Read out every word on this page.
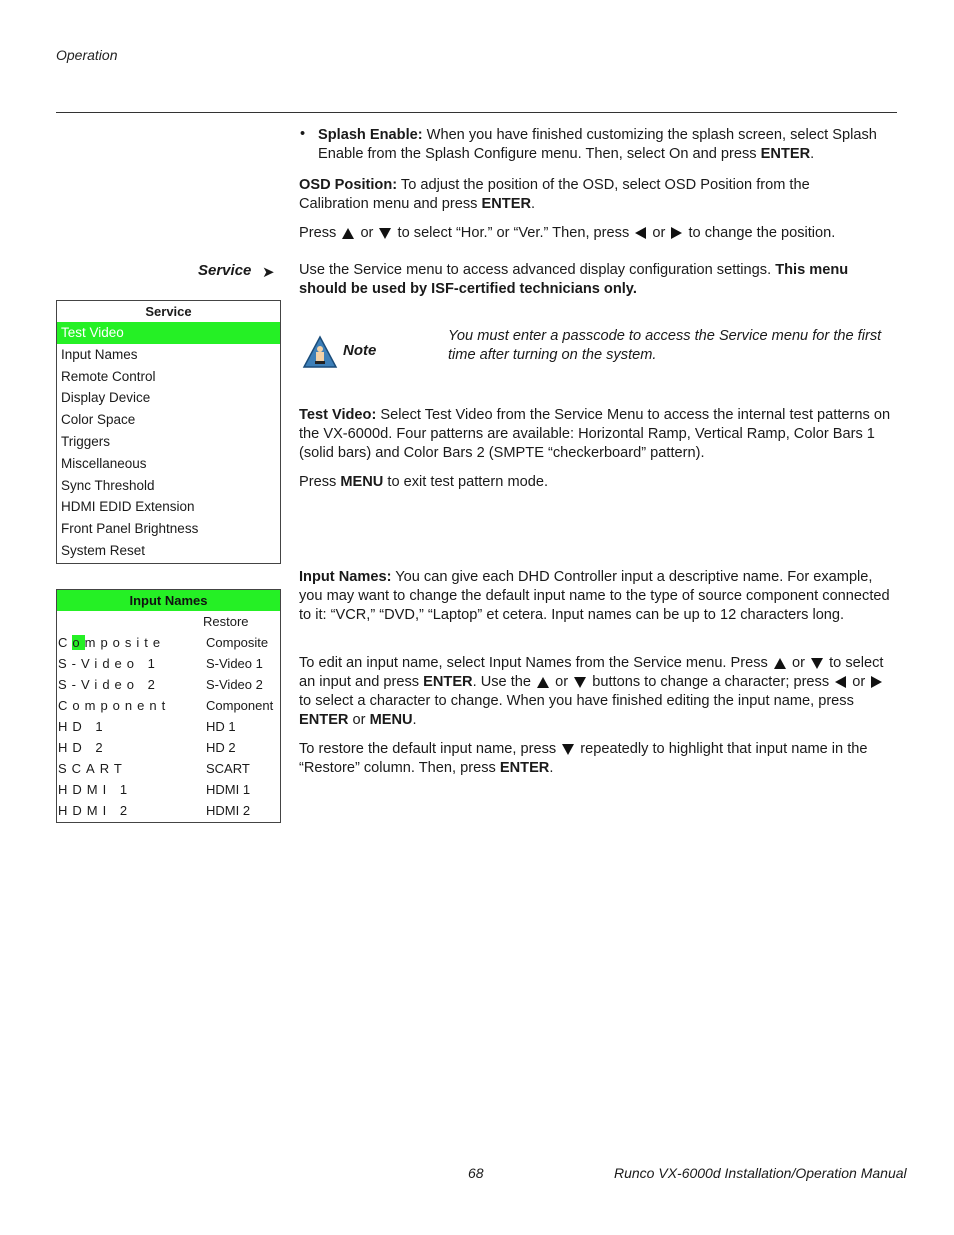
Operation
• Splash Enable: When you have finished customizing the splash screen, select Splash Enable from the Splash Configure menu. Then, select On and press ENTER.
OSD Position: To adjust the position of the OSD, select OSD Position from the Calibration menu and press ENTER.
Press or to select “Hor.” or “Ver.” Then, press or to change the position.
Service ➤ Use the Service menu to access advanced display configuration settings. This menu should be used by ISF-certified technicians only.
Service
Test Video
Input Names
Remote Control
Display Device
Color Space
Triggers
Miscellaneous
Sync Threshold
HDMI EDID Extension
Front Panel Brightness
System Reset
Note
You must enter a passcode to access the Service menu for the first time after turning on the system.
Test Video: Select Test Video from the Service Menu to access the internal test patterns on the VX-6000d. Four patterns are available: Horizontal Ramp, Vertical Ramp, Color Bars 1 (solid bars) and Color Bars 2 (SMPTE “checkerboard” pattern).
Press MENU to exit test pattern mode.
Input Names
Restore
Composite	Composite
S-Video 1	S-Video 1
S-Video 2	S-Video 2
Component	Component
HD 1	HD 1
HD 2	HD 2
SCART	SCART
HDMI 1	HDMI 1
HDMI 2	HDMI 2
Input Names: You can give each DHD Controller input a descriptive name. For example, you may want to change the default input name to the type of source component connected to it: “VCR,” “DVD,” “Laptop” et cetera. Input names can be up to 12 characters long.
To edit an input name, select Input Names from the Service menu. Press or to select an input and press ENTER. Use the or buttons to change a character; press or  to select a character to change. When you have finished editing the input name, press ENTER or MENU.
To restore the default input name, press  repeatedly to highlight that input name in the “Restore” column. Then, press ENTER.
68	Runco VX-6000d Installation/Operation Manual
